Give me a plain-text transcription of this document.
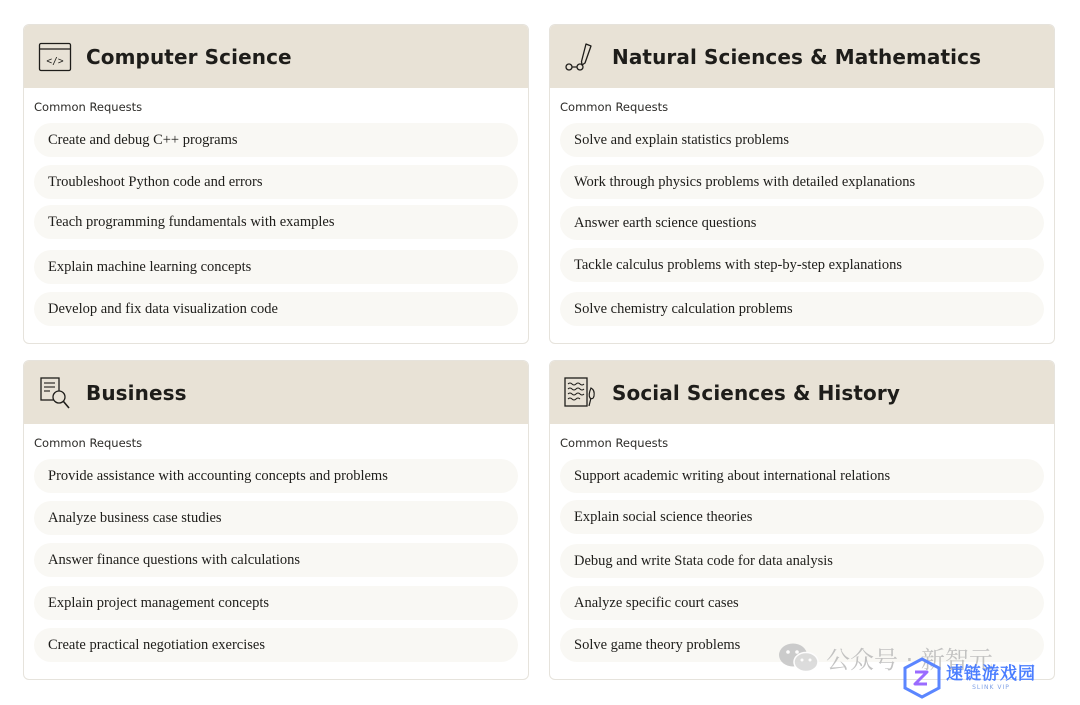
</> Computer Science
Common Requests
Create and debug C++ programs
Troubleshoot Python code and errors
Teach programming fundamentals with examples
Explain machine learning concepts
Develop and fix data visualization code
Natural Sciences & Mathematics
Common Requests
Solve and explain statistics problems
Work through physics problems with detailed explanations
Answer earth science questions
Tackle calculus problems with step-by-step explanations
Solve chemistry calculation problems
Business
Common Requests
Provide assistance with accounting concepts and problems
Analyze business case studies
Answer finance questions with calculations
Explain project management concepts
Create practical negotiation exercises
Social Sciences & History
Common Requests
Support academic writing about international relations
Explain social science theories
Debug and write Stata code for data analysis
Analyze specific court cases
Solve game theory problems
公众号 · 新智元
速链游戏园
SLINK VIP
